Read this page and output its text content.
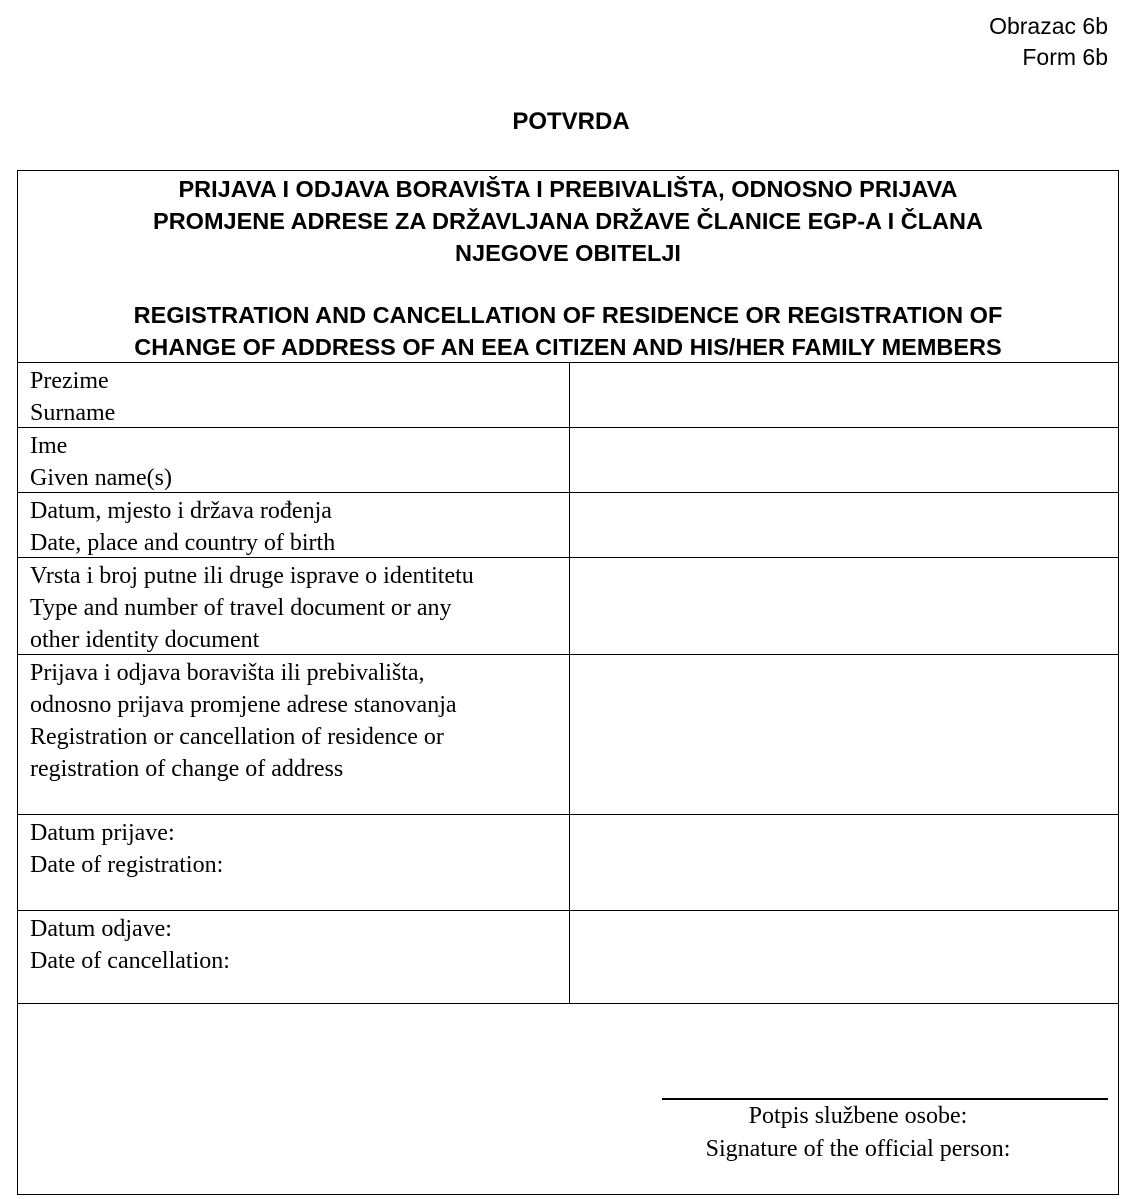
Obrazac 6b
Form 6b
POTVRDA
PRIJAVA I ODJAVA BORAVIŠTA I PREBIVALIŠTA, ODNOSNO PRIJAVA
PROMJENE ADRESE ZA DRŽAVLJANA DRŽAVE ČLANICE EGP-A I ČLANA
NJEGOVE OBITELJI
REGISTRATION AND CANCELLATION OF RESIDENCE OR REGISTRATION OF
CHANGE OF ADDRESS OF AN EEA CITIZEN AND HIS/HER FAMILY MEMBERS
Prezime
Surname
Ime
Given name(s)
Datum, mjesto i država rođenja
Date, place and country of birth
Vrsta i broj putne ili druge isprave o identitetu
Type and number of travel document or any
other identity document
Prijava i odjava boravišta ili prebivališta,
odnosno prijava promjene adrese stanovanja
Registration or cancellation of residence or
registration of change of address
Datum prijave:
Date of registration:
Datum odjave:
Date of cancellation:
Potpis službene osobe:
Signature of the official person:
